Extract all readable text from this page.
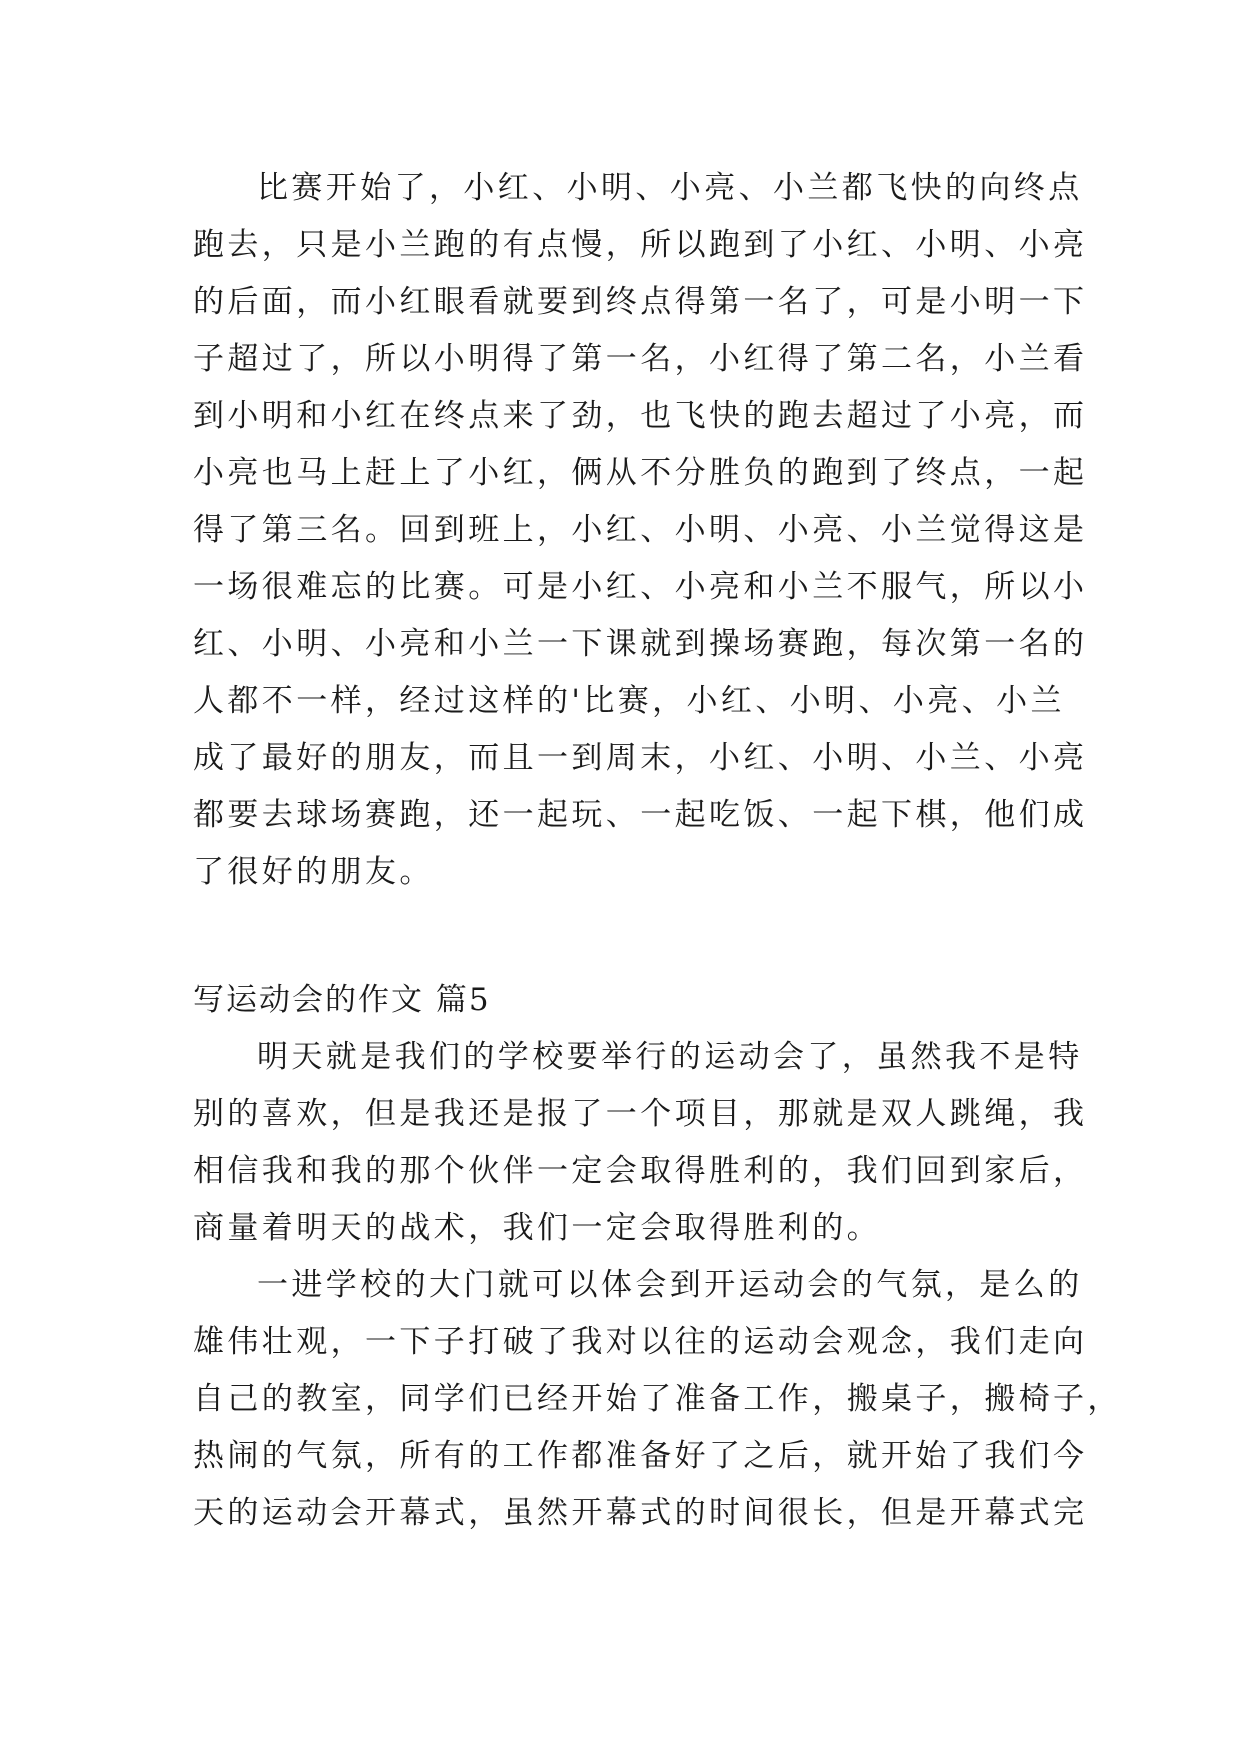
比赛开始了，小红、小明、小亮、小兰都飞快的向终点
跑去，只是小兰跑的有点慢，所以跑到了小红、小明、小亮
的后面，而小红眼看就要到终点得第一名了，可是小明一下
子超过了，所以小明得了第一名，小红得了第二名，小兰看
到小明和小红在终点来了劲，也飞快的跑去超过了小亮，而
小亮也马上赶上了小红，俩从不分胜负的跑到了终点，一起
得了第三名。回到班上，小红、小明、小亮、小兰觉得这是
一场很难忘的比赛。可是小红、小亮和小兰不服气，所以小
红、小明、小亮和小兰一下课就到操场赛跑，每次第一名的
人都不一样，经过这样的'比赛，小红、小明、小亮、小兰
成了最好的朋友，而且一到周末，小红、小明、小兰、小亮
都要去球场赛跑，还一起玩、一起吃饭、一起下棋，他们成
了很好的朋友。
写运动会的作文 篇5
明天就是我们的学校要举行的运动会了，虽然我不是特
别的喜欢，但是我还是报了一个项目，那就是双人跳绳，我
相信我和我的那个伙伴一定会取得胜利的，我们回到家后，
商量着明天的战术，我们一定会取得胜利的。
一进学校的大门就可以体会到开运动会的气氛，是么的
雄伟壮观，一下子打破了我对以往的运动会观念，我们走向
自己的教室，同学们已经开始了准备工作，搬桌子，搬椅子，
热闹的气氛，所有的工作都准备好了之后，就开始了我们今
天的运动会开幕式，虽然开幕式的时间很长，但是开幕式完
